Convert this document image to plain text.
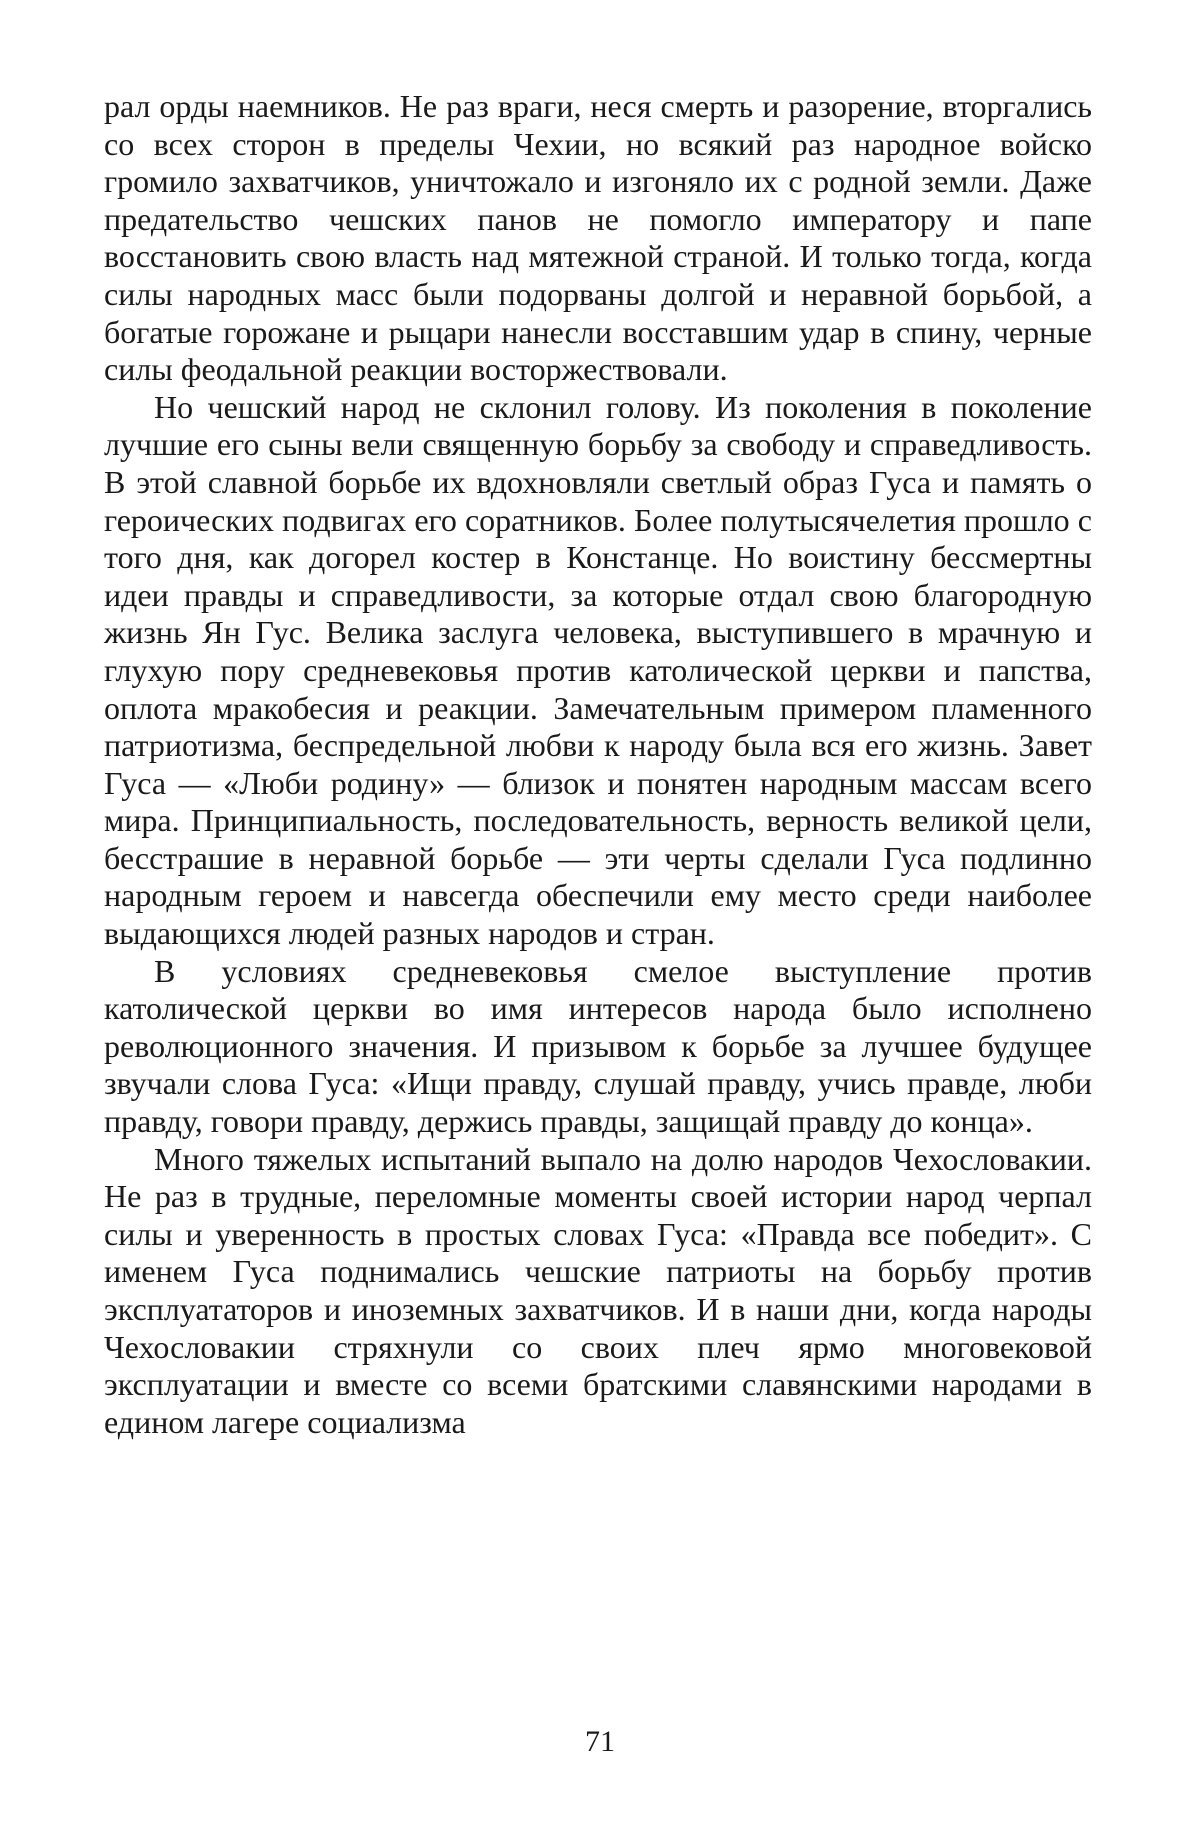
рал орды наемников. Не раз враги, неся смерть и разорение, вторгались со всех сторон в пределы Чехии, но всякий раз народное войско громило захватчиков, уничтожало и изгоняло их с родной земли. Даже предательство чешских панов не помогло императору и папе восстановить свою власть над мятежной страной. И только тогда, когда силы народных масс были подорваны долгой и неравной борьбой, а богатые горожане и рыцари нанесли восставшим удар в спину, черные силы феодальной реакции восторжествовали.

Но чешский народ не склонил голову. Из поколения в поколение лучшие его сыны вели священную борьбу за свободу и справедливость. В этой славной борьбе их вдохновляли светлый образ Гуса и память о героических подвигах его соратников. Более полутысячелетия прошло с того дня, как догорел костер в Констанце. Но воистину бессмертны идеи правды и справедливости, за которые отдал свою благородную жизнь Ян Гус. Велика заслуга человека, выступившего в мрачную и глухую пору средневековья против католической церкви и папства, оплота мракобесия и реакции. Замечательным примером пламенного патриотизма, беспредельной любви к народу была вся его жизнь. Завет Гуса — «Люби родину» — близок и понятен народным массам всего мира. Принципиальность, последовательность, верность великой цели, бесстрашие в неравной борьбе — эти черты сделали Гуса подлинно народным героем и навсегда обеспечили ему место среди наиболее выдающихся людей разных народов и стран.

В условиях средневековья смелое выступление против католической церкви во имя интересов народа было исполнено революционного значения. И призывом к борьбе за лучшее будущее звучали слова Гуса: «Ищи правду, слушай правду, учись правде, люби правду, говори правду, держись правды, защищай правду до конца».

Много тяжелых испытаний выпало на долю народов Чехословакии. Не раз в трудные, переломные моменты своей истории народ черпал силы и уверенность в простых словах Гуса: «Правда все победит». С именем Гуса поднимались чешские патриоты на борьбу против эксплуататоров и иноземных захватчиков. И в наши дни, когда народы Чехословакии стряхнули со своих плеч ярмо многовековой эксплуатации и вместе со всеми братскими славянскими народами в едином лагере социализма

71
